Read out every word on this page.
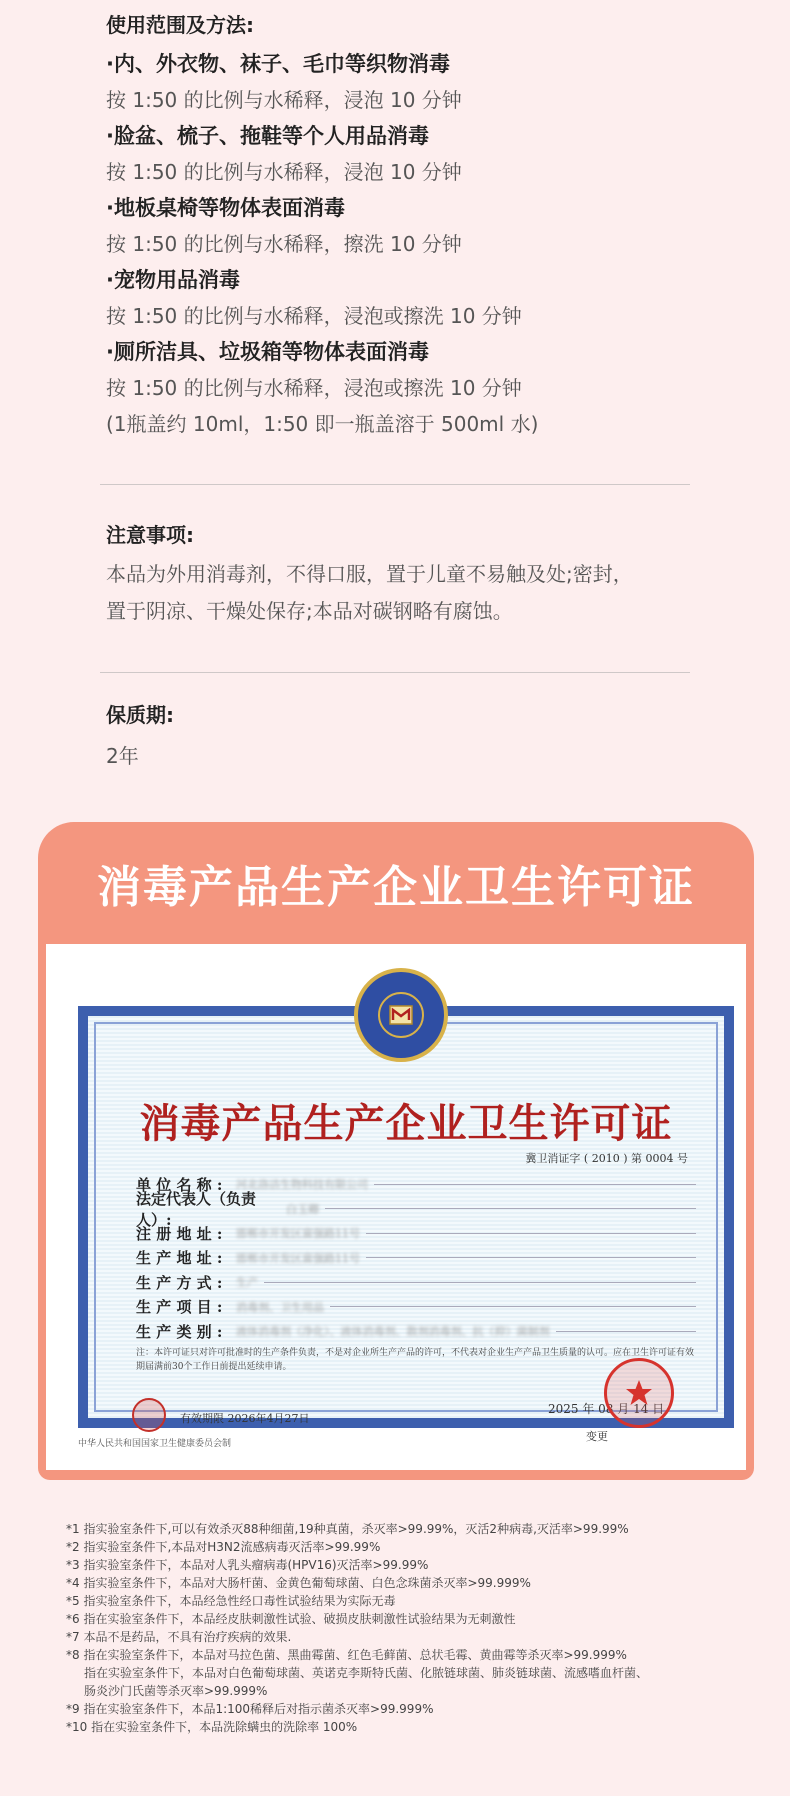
使用范围及方法:
·内、外衣物、袜子、毛巾等织物消毒
按 1:50 的比例与水稀释，浸泡 10 分钟
·脸盆、梳子、拖鞋等个人用品消毒
按 1:50 的比例与水稀释，浸泡 10 分钟
·地板桌椅等物体表面消毒
按 1:50 的比例与水稀释，擦洗 10 分钟
·宠物用品消毒
按 1:50 的比例与水稀释，浸泡或擦洗 10 分钟
·厕所洁具、垃圾箱等物体表面消毒
按 1:50 的比例与水稀释，浸泡或擦洗 10 分钟
(1瓶盖约 10ml，1:50 即一瓶盖溶于 500ml 水)
注意事项:
本品为外用消毒剂，不得口服，置于儿童不易触及处;密封，
置于阴凉、干燥处保存;本品对碳钢略有腐蚀。
保质期:
2年
消毒产品生产企业卫生许可证
消毒产品生产企业卫生许可证
冀卫消证字 ( 2010 ) 第 0004 号
单 位 名 称 :	河北洛洁生物科技有限公司
法定代表人（负责人）:
白玉卿
注 册 地 址 :	邯郸市开发区富强路11号
生 产 地 址 :	邯郸市开发区富强路11号
生 产 方 式 :	生产
生 产 项 目 :	消毒剂、卫生用品
生 产 类 别 :	液体消毒剂（净化）、液体消毒剂、散剂消毒剂、抗（抑）菌制剂
注：本许可证只对许可批准时的生产条件负责，不是对企业所生产产品的许可，不代表对企业生产产品卫生质量的认可。应在卫生许可证有效期届满前30个工作日前提出延续申请。
有效期限 2026年4月27日
2025 年 08 月 14 日
变更
中华人民共和国国家卫生健康委员会制
*1 指实验室条件下,可以有效杀灭88种细菌,19种真菌，杀灭率>99.99%，灭活2种病毒,灭活率>99.99%
*2 指实验室条件下,本品对H3N2流感病毒灭活率>99.99%
*3 指实验室条件下，本品对人乳头瘤病毒(HPV16)灭活率>99.99%
*4 指实验室条件下，本品对大肠杆菌、金黄色葡萄球菌、白色念珠菌杀灭率>99.999%
*5 指实验室条件下，本品经急性经口毒性试验结果为实际无毒
*6 指在实验室条件下，本品经皮肤刺激性试验、破损皮肤刺激性试验结果为无刺激性
*7 本品不是药品，不具有治疗疾病的效果.
*8 指在实验室条件下，本品对马拉色菌、黑曲霉菌、红色毛藓菌、总状毛霉、黄曲霉等杀灭率>99.999%
指在实验室条件下，本品对白色葡萄球菌、英诺克李斯特氏菌、化脓链球菌、肺炎链球菌、流感嗜血杆菌、
肠炎沙门氏菌等杀灭率>99.999%
*9 指在实验室条件下，本品1:100稀释后对指示菌杀灭率>99.999%
*10 指在实验室条件下，本品洗除螨虫的洗除率 100%
